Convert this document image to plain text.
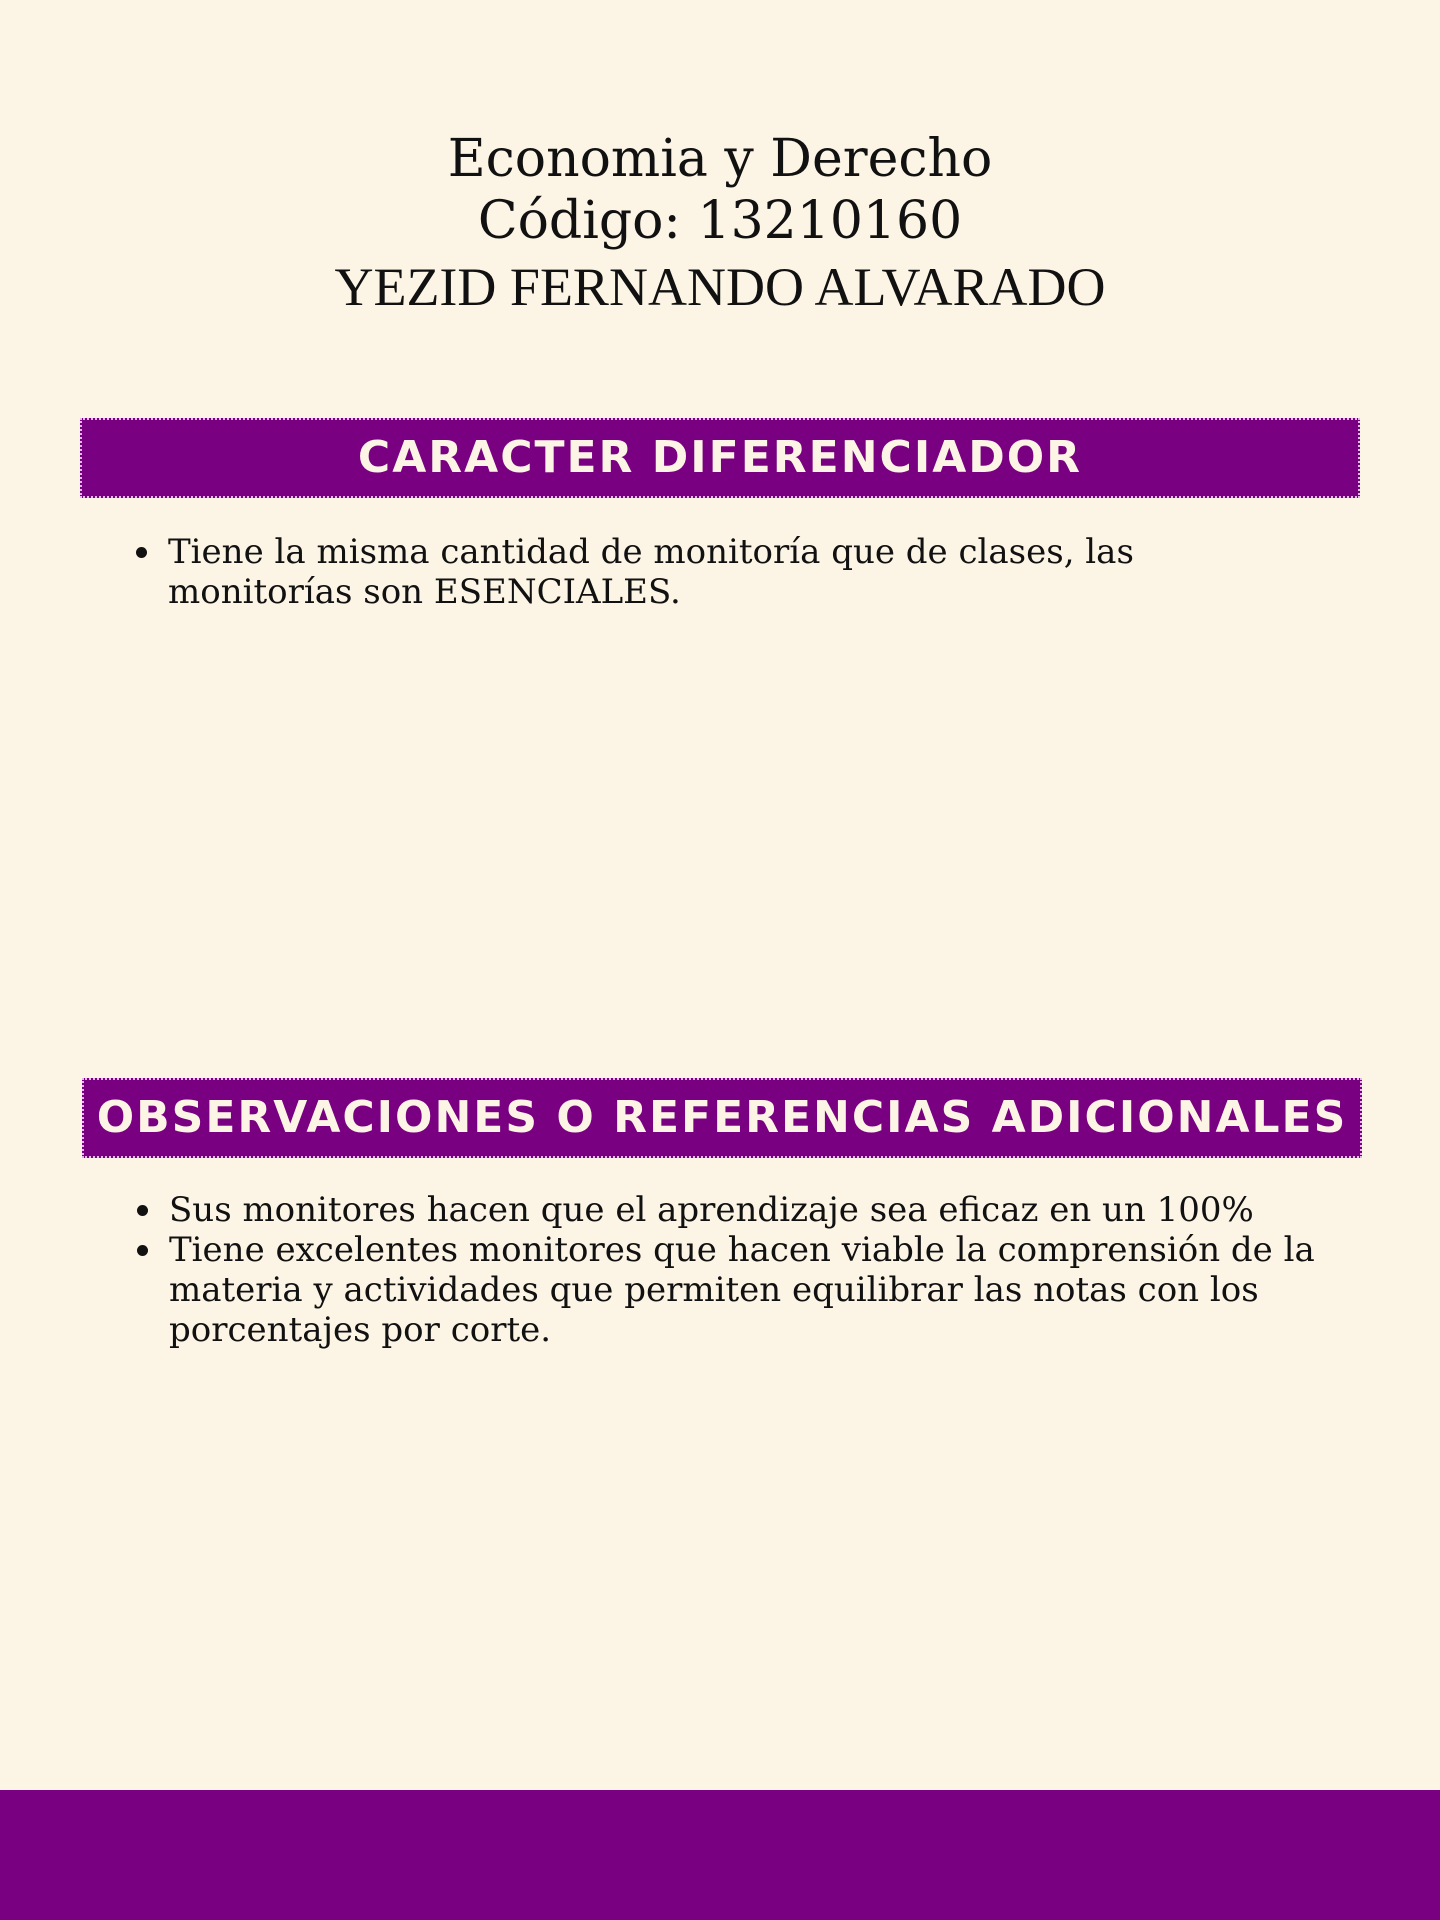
Economia y Derecho

Código: 13210160

YEZID FERNANDO ALVARADO

CARACTER DIFERENCIADOR
Tiene la misma cantidad de monitoría que de clases, las monitorías son ESENCIALES.
OBSERVACIONES O REFERENCIAS ADICIONALES
Sus monitores hacen que el aprendizaje sea eficaz en un 100%
Tiene excelentes monitores que hacen viable la comprensión de la materia y actividades que permiten equilibrar las notas con los porcentajes por corte.
